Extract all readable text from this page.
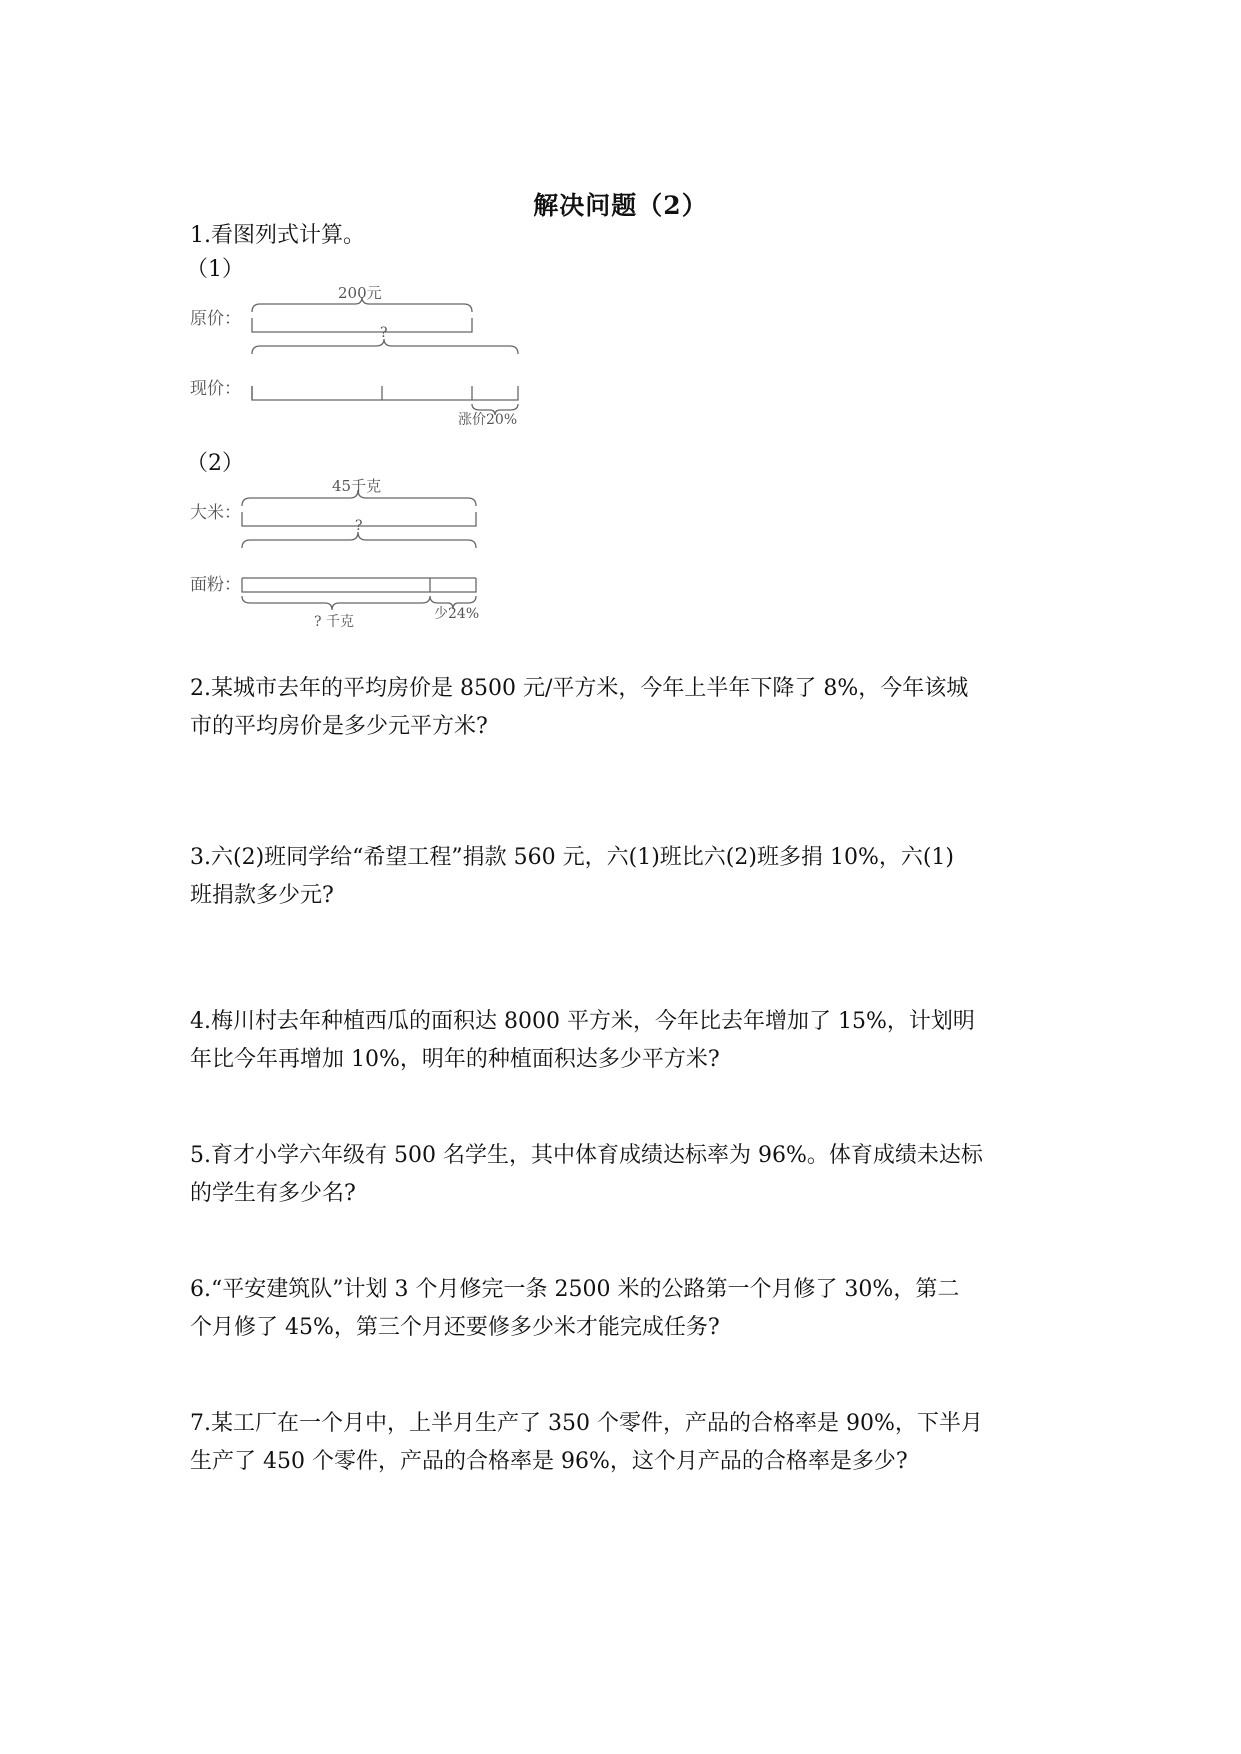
解决问题（2）
1.看图列式计算。
（1）
原价：
200元
?
现价：
涨价20%
（2）
大米：
45千克
?
面粉：
? 千克	少24%

2.某城市去年的平均房价是 8500 元/平方米，今年上半年下降了 8%，今年该城

市的平均房价是多少元平方米?

3.六(2)班同学给“希望工程”捐款 560 元，六(1)班比六(2)班多捐 10%，六(1)

班捐款多少元?

4.梅川村去年种植西瓜的面积达 8000 平方米，今年比去年增加了 15%，计划明

年比今年再增加 10%，明年的种植面积达多少平方米?

5.育才小学六年级有 500 名学生，其中体育成绩达标率为 96%。体育成绩未达标

的学生有多少名?

6.“平安建筑队”计划 3 个月修完一条 2500 米的公路第一个月修了 30%，第二

个月修了 45%，第三个月还要修多少米才能完成任务?

7.某工厂在一个月中，上半月生产了 350 个零件，产品的合格率是 90%，下半月

生产了 450 个零件，产品的合格率是 96%，这个月产品的合格率是多少?
